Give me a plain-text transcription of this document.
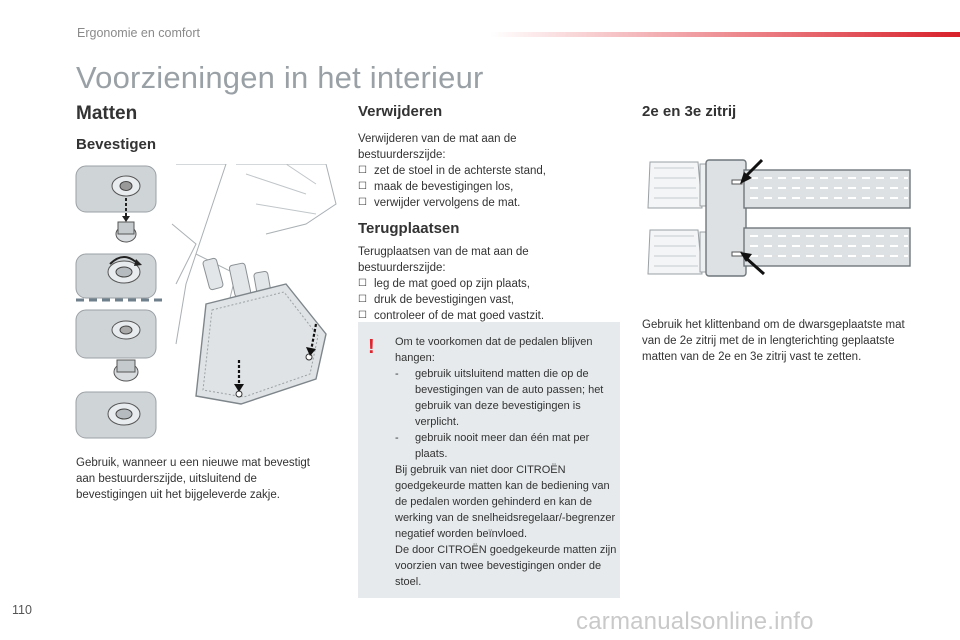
Ergonomie en comfort
Voorzieningen in het interieur
Matten
Bevestigen
Gebruik, wanneer u een nieuwe mat bevestigt aan bestuurderszijde, uitsluitend de bevestigingen uit het bijgeleverde zakje.
Verwijderen
Verwijderen van de mat aan de bestuurderszijde:
☐ zet de stoel in de achterste stand,
☐ maak de bevestigingen los,
☐ verwijder vervolgens de mat.
Terugplaatsen
Terugplaatsen van de mat aan de bestuurderszijde:
☐ leg de mat goed op zijn plaats,
☐ druk de bevestigingen vast,
☐ controleer of de mat goed vastzit.
! Om te voorkomen dat de pedalen blijven hangen:
-	gebruik uitsluitend matten die op de bevestigingen van de auto passen; het gebruik van deze bevestigingen is verplicht.
-	gebruik nooit meer dan één mat per plaats.
Bij gebruik van niet door CITROËN goedgekeurde matten kan de bediening van de pedalen worden gehinderd en kan de werking van de snelheidsregelaar/-begrenzer negatief worden beïnvloed.
De door CITROËN goedgekeurde matten zijn voorzien van twee bevestigingen onder de stoel.
2e en 3e zitrij
Gebruik het klittenband om de dwarsgeplaatste mat van de 2e zitrij met de in lengterichting geplaatste matten van de 2e en 3e zitrij vast te zetten.
110	carmanualsonline.info
